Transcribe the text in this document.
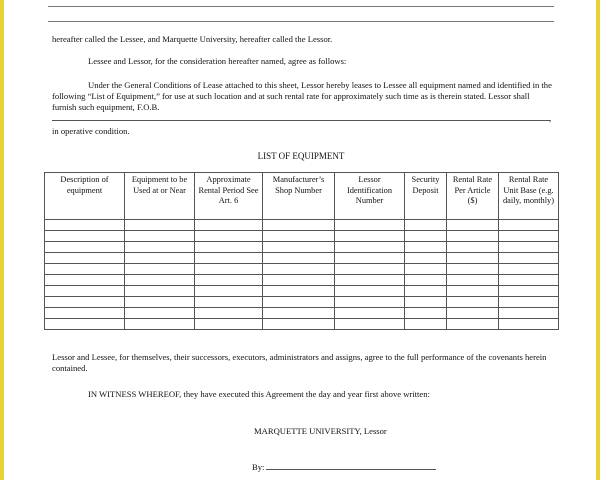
hereafter called the Lessee, and Marquette University, hereafter called the Lessor.
Lessee and Lessor, for the consideration hereafter named, agree as follows:
Under the General Conditions of Lease attached to this sheet, Lessor hereby leases to Lessee all equipment named and identified in the following “List of Equipment,” for use at such location and at such rental rate for approximately such time as is therein stated. Lessor shall furnish such equipment, F.O.B.
,
in operative condition.
LIST OF EQUIPMENT
Description of equipment	Equipment to be Used at or Near	Approximate Rental Period See Art. 6	Manufacturer’s Shop Number	Lessor Identification Number	Security Deposit	Rental Rate Per Article ($)	Rental Rate Unit Base (e.g. daily, monthly)

Lessor and Lessee, for themselves, their successors, executors, administrators and assigns, agree to the full performance of the covenants herein contained.
IN WITNESS WHEREOF, they have executed this Agreement the day and year first above written:
MARQUETTE UNIVERSITY, Lessor
By:
